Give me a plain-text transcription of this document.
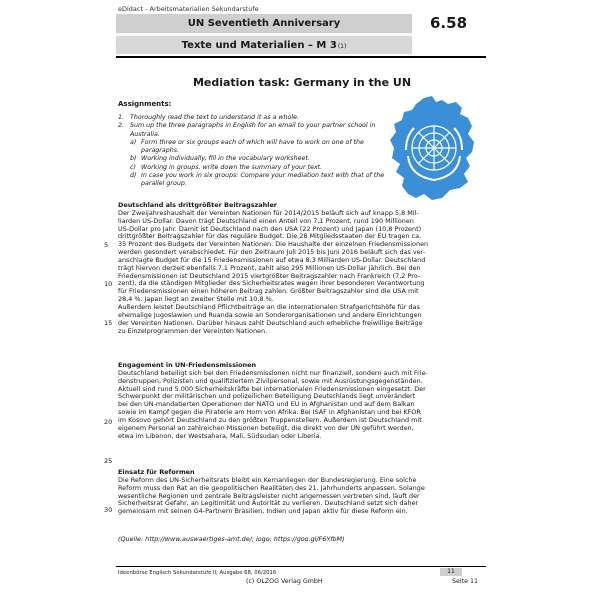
eDidact - Arbeitsmaterialien Sekundarstufe
UN Seventieth Anniversary
Texte und Materialien – M 3 (1)
6.58
Mediation task: Germany in the UN
Assignments:
1. Thoroughly read the text to understand it as a whole.
2. Sum up the three paragraphs in English for an email to your partner school in Australia.
a) Form three or six groups each of which will have to work on one of the paragraphs.
b) Working individually, fill in the vocabulary worksheet.
c) Working in groups, write down the summary of your text.
d) In case you work in six groups: Compare your mediation text with that of the parallel group.
5
10
15
20
25
30
Deutschland als drittgrößter Beitragszahler
Der Zweijahreshaushalt der Vereinten Nationen für 2014/2015 beläuft sich auf knapp 5,8 Mil-
liarden US-Dollar. Davon trägt Deutschland einen Anteil von 7,1 Prozent, rund 190 Millionen
US-Dollar pro Jahr. Damit ist Deutschland nach den USA (22 Prozent) und Japan (10,8 Prozent)
drittgrößter Beitragszahler für das reguläre Budget. Die 28 Mitgliedsstaaten der EU tragen ca.
35 Prozent des Budgets der Vereinten Nationen. Die Haushalte der einzelnen Friedensmissionen
werden gesondert verabschiedet. Für den Zeitraum Juli 2015 bis Juni 2016 beläuft sich das ver-
anschlagte Budget für die 15 Friedensmissionen auf etwa 8,3 Milliarden US-Dollar. Deutschland
trägt hiervon derzeit ebenfalls 7,1 Prozent, zahlt also 295 Millionen US-Dollar jährlich. Bei den
Friedensmissionen ist Deutschland 2015 viertgrößter Beitragszahler nach Frankreich (7,2 Pro-
zent), da die ständigen Mitglieder des Sicherheitsrates wegen ihrer besonderen Verantwortung
für Friedensmissionen einen höheren Beitrag zahlen. Größter Beitragszahler sind die USA mit
28,4 %. Japan liegt an zweiter Stelle mit 10,8 %.
Außerdem leistet Deutschland Pflichtbeiträge an die internationalen Strafgerichtshöfe für das
ehemalige Jugoslawien und Ruanda sowie an Sonderorganisationen und andere Einrichtungen
der Vereinten Nationen. Darüber hinaus zahlt Deutschland auch erhebliche freiwillige Beiträge
zu Einzelprogrammen der Vereinten Nationen.
Engagement in UN-Friedensmissionen
Deutschland beteiligt sich bei den Friedensmissionen nicht nur finanziell, sondern auch mit Frie-
denstruppen, Polizisten und qualifiziertem Zivilpersonal, sowie mit Ausrüstungsgegenständen.
Aktuell sind rund 5.000 Sicherheitskräfte bei internationalen Friedensmissionen eingesetzt. Der
Schwerpunkt der militärischen und polizeilichen Beteiligung Deutschlands liegt unverändert
bei den UN-mandatierten Operationen der NATO und EU in Afghanistan und auf dem Balkan
sowie im Kampf gegen die Piraterie am Horn von Afrika. Bei ISAF in Afghanistan und bei KFOR
im Kosovo gehört Deutschland zu den größten Truppenstellern. Außerdem ist Deutschland mit
eigenem Personal an zahlreichen Missionen beteiligt, die direkt von der UN geführt werden,
etwa im Libanon, der Westsahara, Mali, Südsudan oder Liberia.
Einsatz für Reformen
Die Reform des UN-Sicherheitsrats bleibt ein Kernanliegen der Bundesregierung. Eine solche
Reform muss den Rat an die geopolitischen Realitäten des 21. Jahrhunderts anpassen. Solange
wesentliche Regionen und zentrale Beitragsleister nicht angemessen vertreten sind, läuft der
Sicherheitsrat Gefahr, an Legitimität und Autorität zu verlieren. Deutschland setzt sich daher
gemeinsam mit seinen G4-Partnern Brasilien, Indien und Japan aktiv für diese Reform ein.
(Quelle: http://www.auswaertiges-amt.de/; logo: https://goo.gl/F6YfbM)
Ideenbörse Englisch Sekundarstufe II, Ausgabe 68, 06/2016
(c) OLZOG Verlag GmbH
11
Seite 11
